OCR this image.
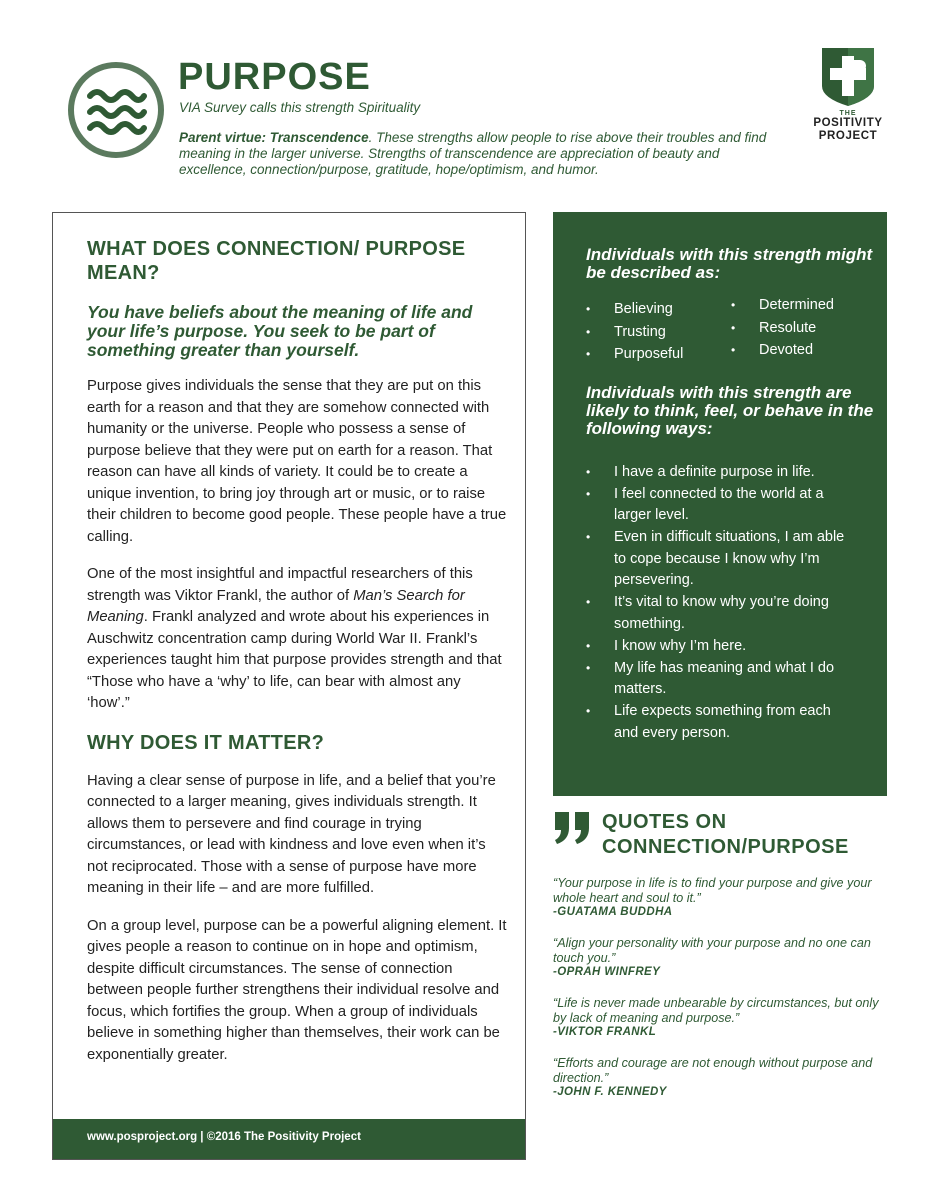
PURPOSE
VIA Survey calls this strength Spirituality
Parent virtue: Transcendence. These strengths allow people to rise above their troubles and find meaning in the larger universe. Strengths of transcendence are appreciation of beauty and excellence, connection/purpose, gratitude, hope/optimism, and humor.
THE
POSITIVITY
PROJECT
WHAT DOES CONNECTION/ PURPOSE MEAN?
You have beliefs about the meaning of life and your life’s purpose. You seek to be part of something greater than yourself.

Purpose gives individuals the sense that they are put on this earth for a reason and that they are somehow connected with humanity or the universe. People who possess a sense of purpose believe that they were put on earth for a reason. That reason can have all kinds of variety. It could be to create a unique invention, to bring joy through art or music, or to raise their children to become good people. These people have a true calling.

One of the most insightful and impactful researchers of this strength was Viktor Frankl, the author of Man’s Search for Meaning. Frankl analyzed and wrote about his experiences in Auschwitz concentration camp during World War II. Frankl’s experiences taught him that purpose provides strength and that “Those who have a ‘why’ to life, can bear with almost any ‘how’.”

WHY DOES IT MATTER?

Having a clear sense of purpose in life, and a belief that you’re connected to a larger meaning, gives individuals strength. It allows them to persevere and find courage in trying circumstances, or lead with kindness and love even when it’s not reciprocated. Those with a sense of purpose have more meaning in their life – and are more fulfilled.

On a group level, purpose can be a powerful aligning element. It gives people a reason to continue on in hope and optimism, despite difficult circumstances. The sense of connection between people further strengthens their individual resolve and focus, which fortifies the group. When a group of individuals believe in something higher than themselves, their work can be exponentially greater.

www.posproject.org | ©2016 The Positivity Project
Individuals with this strength might be described as:
•	Believing
•	Trusting
•	Purposeful
•	Determined
•	Resolute
•	Devoted
Individuals with this strength are likely to think, feel, or behave in the following ways:
•	I have a definite purpose in life.
•	I feel connected to the world at a larger level.
•	Even in difficult situations, I am able to cope because I know why I’m persevering.
•	It’s vital to know why you’re doing something.
•	I know why I’m here.
•	My life has meaning and what I do matters.
•	Life expects something from each and every person.
QUOTES ON
CONNECTION/PURPOSE
“Your purpose in life is to find your purpose and give your whole heart and soul to it.”
-GUATAMA BUDDHA
“Align your personality with your purpose and no one can touch you.”
-OPRAH WINFREY
“Life is never made unbearable by circumstances, but only by lack of meaning and purpose.”
-VIKTOR FRANKL
“Efforts and courage are not enough without purpose and direction.”
-JOHN F. KENNEDY
